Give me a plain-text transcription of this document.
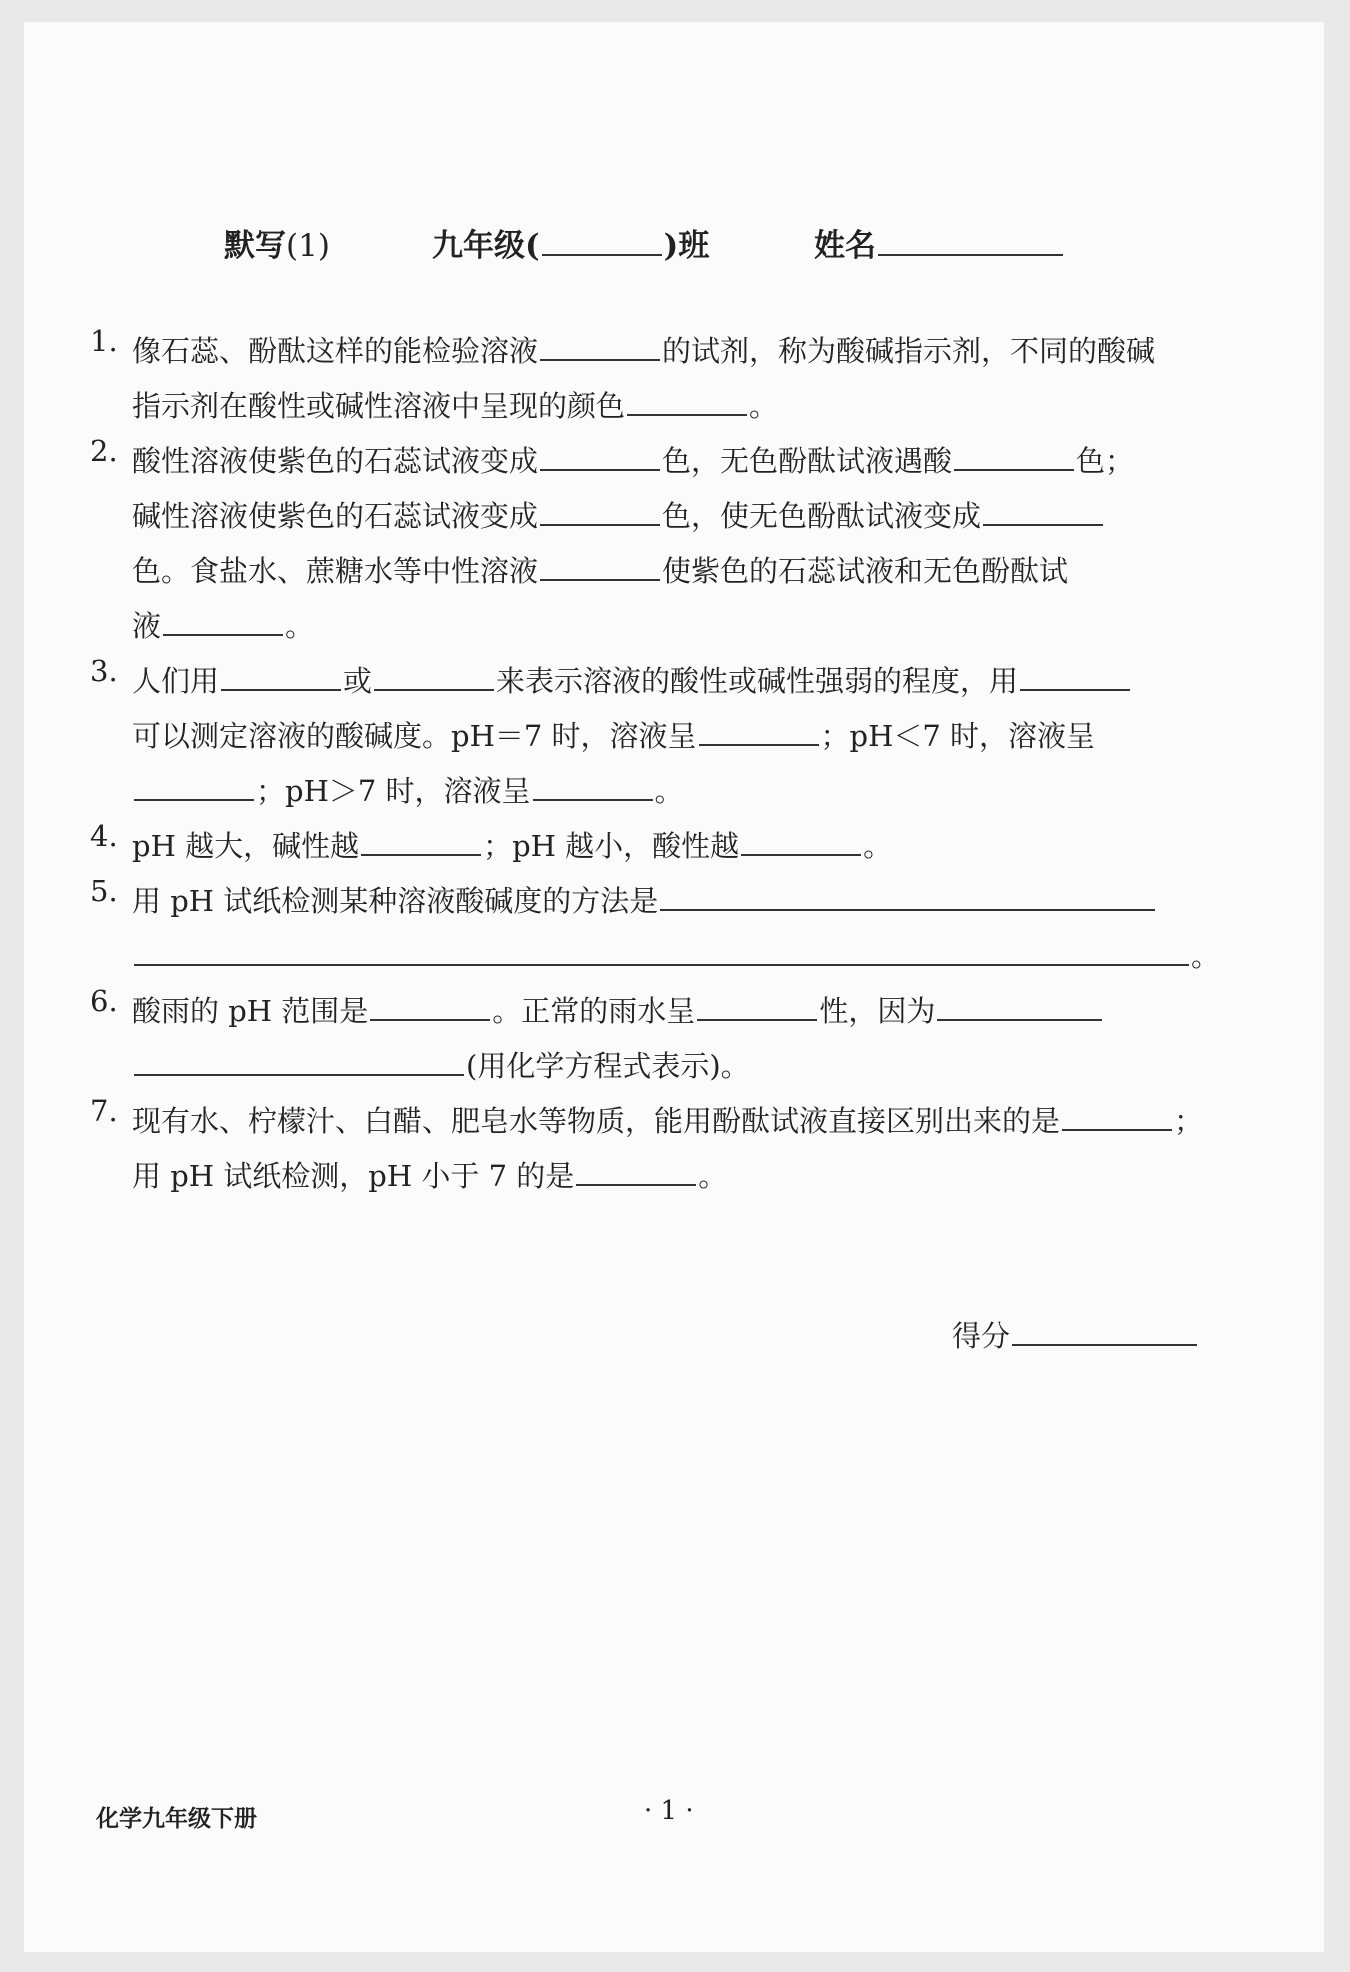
默写(1)	九年级(	)班	姓名
1. 像石蕊、酚酞这样的能检验溶液	的试剂，称为酸碱指示剂，不同的酸碱
指示剂在酸性或碱性溶液中呈现的颜色	。
2. 酸性溶液使紫色的石蕊试液变成	色，无色酚酞试液遇酸	色；
碱性溶液使紫色的石蕊试液变成	色，使无色酚酞试液变成
色。食盐水、蔗糖水等中性溶液	使紫色的石蕊试液和无色酚酞试
液	。
3. 人们用	或	来表示溶液的酸性或碱性强弱的程度，用
可以测定溶液的酸碱度。pH＝7 时，溶液呈	；pH＜7 时，溶液呈
；pH＞7 时，溶液呈	。
4. pH 越大，碱性越	；pH 越小，酸性越	。
5. 用 pH 试纸检测某种溶液酸碱度的方法是
。
6. 酸雨的 pH 范围是	。正常的雨水呈	性，因为
(用化学方程式表示)。
7. 现有水、柠檬汁、白醋、肥皂水等物质，能用酚酞试液直接区别出来的是	；
用 pH 试纸检测，pH 小于 7 的是	。
得分
化学九年级下册	· 1 ·
